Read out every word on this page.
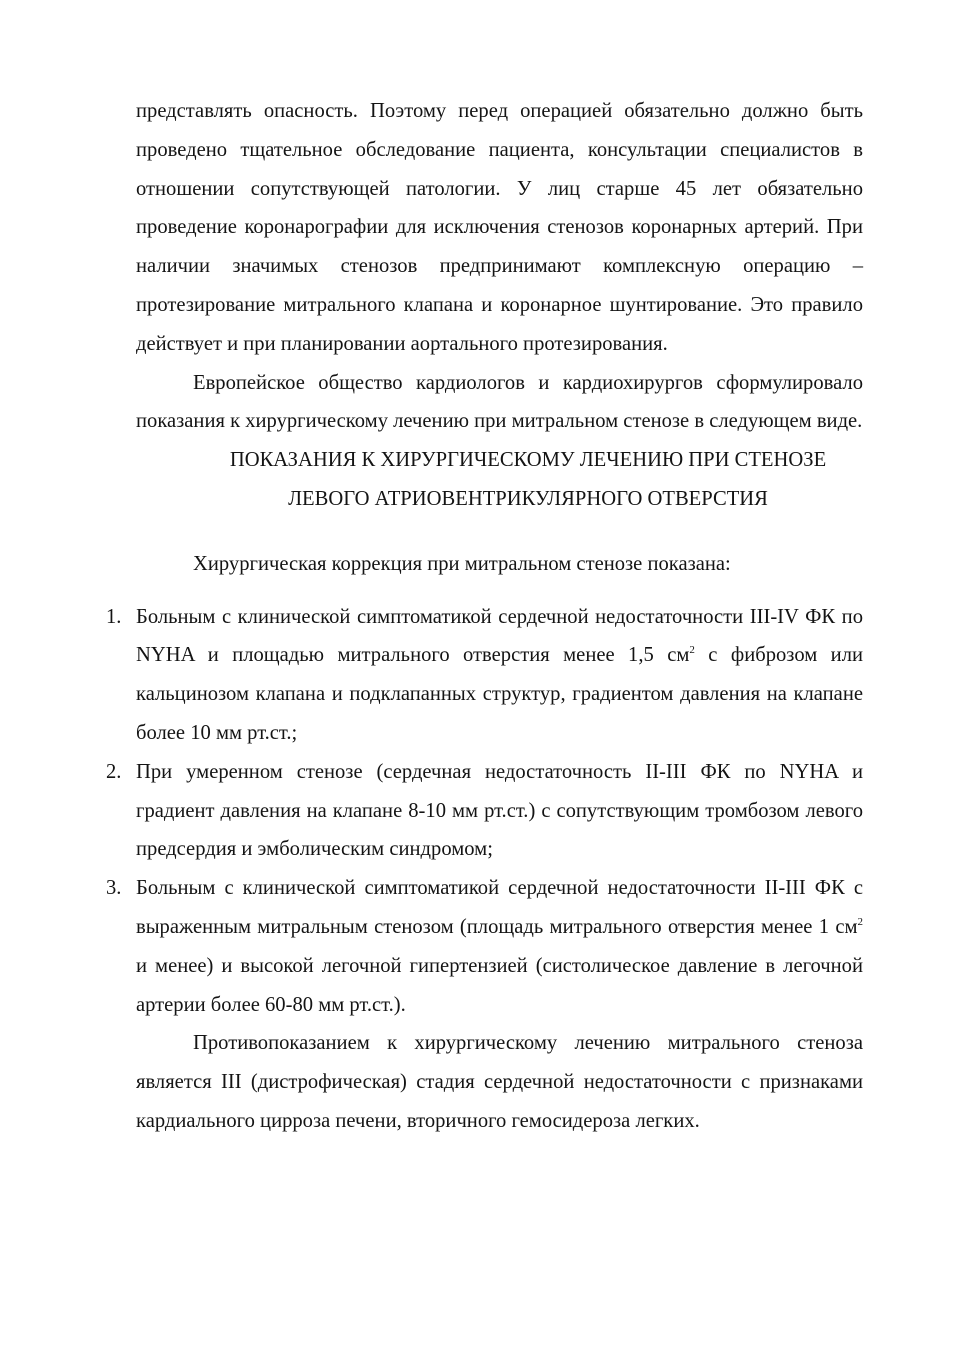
представлять опасность. Поэтому перед операцией обязательно должно быть проведено тщательное обследование пациента, консультации специалистов в отношении сопутствующей патологии. У лиц старше 45 лет обязательно проведение коронарографии для исключения стенозов коронарных артерий. При наличии значимых стенозов предпринимают комплексную операцию – протезирование митрального клапана и коронарное шунтирование. Это правило действует и при планировании аортального протезирования.

Европейское общество кардиологов и кардиохирургов сформулировало показания к хирургическому лечению при митральном стенозе в следующем виде.

ПОКАЗАНИЯ К ХИРУРГИЧЕСКОМУ ЛЕЧЕНИЮ ПРИ СТЕНОЗЕ
ЛЕВОГО АТРИОВЕНТРИКУЛЯРНОГО ОТВЕРСТИЯ

Хирургическая коррекция при митральном стенозе показана:

1. Больным с клинической симптоматикой сердечной недостаточности III-IV ФК по NYHA и площадью митрального отверстия менее 1,5 $см^2$ с фиброзом или кальцинозом клапана и подклапанных структур, градиентом давления на клапане более 10 мм рт.ст.;
2. При умеренном стенозе (сердечная недостаточность II-III ФК по NYHA и градиент давления на клапане 8-10 мм рт.ст.) с сопутствующим тромбозом левого предсердия и эмболическим синдромом;
3. Больным с клинической симптоматикой сердечной недостаточности II-III ФК с выраженным митральным стенозом (площадь митрального отверстия менее 1 $см^2$ и менее) и высокой легочной гипертензией (систолическое давление в легочной артерии более 60-80 мм рт.ст.).

Противопоказанием к хирургическому лечению митрального стеноза является III (дистрофическая) стадия сердечной недостаточности с признаками кардиального цирроза печени, вторичного гемосидероза легких.
